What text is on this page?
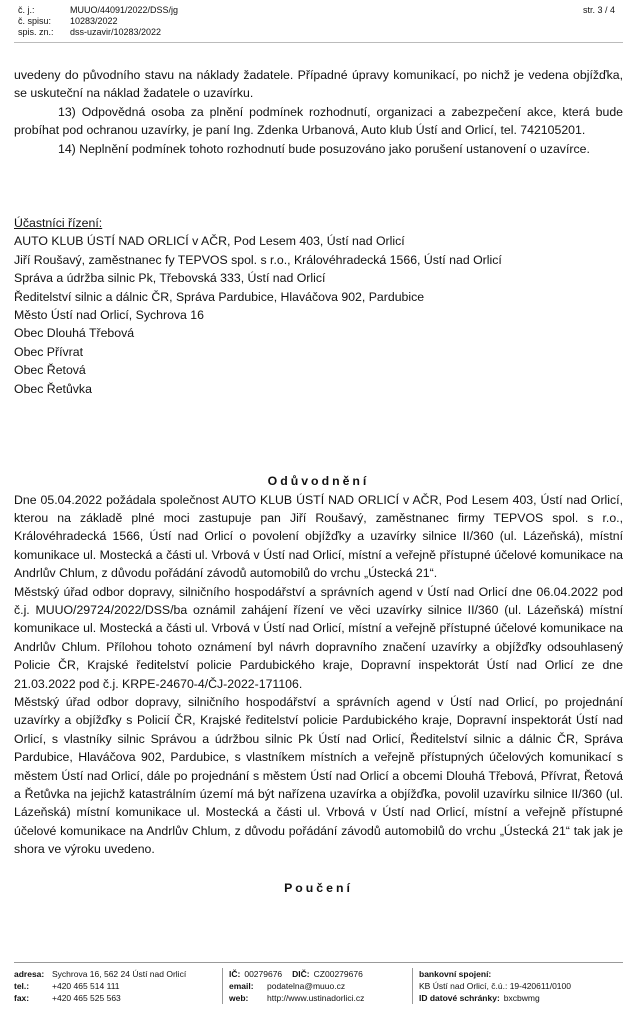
č. j.:	MUUO/44091/2022/DSS/jg
č. spisu: 10283/2022
spis. zn.: dss-uzavir/10283/2022
str. 3 / 4

uvedeny do původního stavu na náklady žadatele. Případné úpravy komunikací, po nichž je vedena objížďka, se uskuteční na náklad žadatele o uzavírku.

13) Odpovědná osoba za plnění podmínek rozhodnutí, organizaci a zabezpečení akce, která bude probíhat pod ochranou uzavírky, je paní Ing. Zdenka Urbanová, Auto klub Ústí and Orlicí, tel. 742105201.

14) Neplnění podmínek tohoto rozhodnutí bude posuzováno jako porušení ustanovení o uzavírce.

Účastníci řízení:

AUTO KLUB ÚSTÍ NAD ORLICÍ v AČR, Pod Lesem 403, Ústí nad Orlicí

Jiří Roušavý, zaměstnanec fy TEPVOS spol. s r.o., Královéhradecká 1566, Ústí nad Orlicí

Správa a údržba silnic Pk, Třebovská 333, Ústí nad Orlicí

Ředitelství silnic a dálnic ČR, Správa Pardubice, Hlaváčova 902, Pardubice

Město Ústí nad Orlicí, Sychrova 16

Obec Dlouhá Třebová

Obec Přívrat

Obec Řetová

Obec Řetůvka

Odůvodnění

Dne 05.04.2022 požádala společnost AUTO KLUB ÚSTÍ NAD ORLICÍ v AČR, Pod Lesem 403, Ústí nad Orlicí, kterou na základě plné moci zastupuje pan Jiří Roušavý, zaměstnanec firmy TEPVOS spol. s r.o., Královéhradecká 1566, Ústí nad Orlicí o povolení objížďky a uzavírky silnice II/360 (ul. Lázeňská), místní komunikace ul. Mostecká a části ul. Vrbová v Ústí nad Orlicí, místní a veřejně přístupné účelové komunikace na Andrlův Chlum, z důvodu pořádání závodů automobilů do vrchu „Ústecká 21“.

Městský úřad odbor dopravy, silničního hospodářství a správních agend v Ústí nad Orlicí dne 06.04.2022 pod č.j. MUUO/29724/2022/DSS/ba oznámil zahájení řízení ve věci uzavírky silnice II/360 (ul. Lázeňská) místní komunikace ul. Mostecká a části ul. Vrbová v Ústí nad Orlicí, místní a veřejně přístupné účelové komunikace na Andrlův Chlum. Přílohou tohoto oznámení byl návrh dopravního značení uzavírky a objížďky odsouhlasený Policie ČR, Krajské ředitelství policie Pardubického kraje, Dopravní inspektorát Ústí nad Orlicí ze dne 21.03.2022 pod č.j. KRPE-24670-4/ČJ-2022-171106.

Městský úřad odbor dopravy, silničního hospodářství a správních agend v Ústí nad Orlicí, po projednání uzavírky a objížďky s Policií ČR, Krajské ředitelství policie Pardubického kraje, Dopravní inspektorát Ústí nad Orlicí, s vlastníky silnic Správou a údržbou silnic Pk Ústí nad Orlicí, Ředitelství silnic a dálnic ČR, Správa Pardubice, Hlaváčova 902, Pardubice, s vlastníkem místních a veřejně přístupných účelových komunikací s městem Ústí nad Orlicí, dále po projednání s městem Ústí nad Orlicí a obcemi Dlouhá Třebová, Přívrat, Řetová a Řetůvka na jejichž katastrálním území má být nařízena uzavírka a objížďka, povolil uzavírku silnice II/360 (ul. Lázeňská) místní komunikace ul. Mostecká a části ul. Vrbová v Ústí nad Orlicí, místní a veřejně přístupné účelové komunikace na Andrlův Chlum, z důvodu pořádání závodů automobilů do vrchu „Ústecká 21“ tak jak je shora ve výroku uvedeno.

Poučení

adresa: Sychrova 16, 562 24 Ústí nad Orlicí
tel.:	+420 465 514 111
fax:	+420 465 525 563
IČ: 00279676 DIČ: CZ00279676
email: podatelna@muuo.cz
web: http://www.ustinadorlici.cz
bankovní spojení:
KB Ústí nad Orlicí, č.ú.: 19-420611/0100
ID datové schránky: bxcbwmg
